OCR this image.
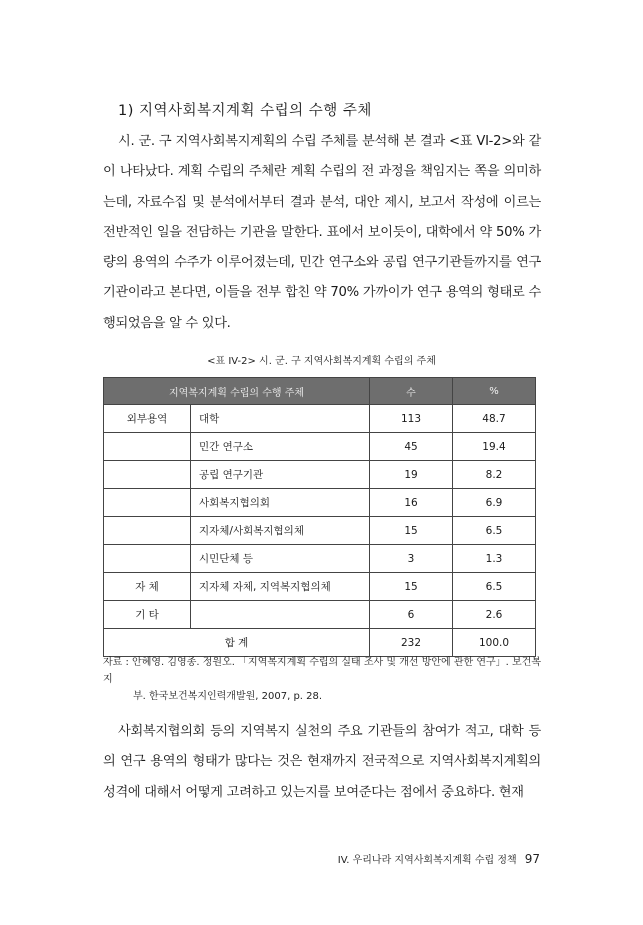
1) 지역사회복지계획 수립의 수행 주체
시. 군. 구 지역사회복지계획의 수립 주체를 분석해 본 결과 <표 VI-2>와 같이 나타났다. 계획 수립의 주체란 계획 수립의 전 과정을 책임지는 쪽을 의미하는데, 자료수집 및 분석에서부터 결과 분석, 대안 제시, 보고서 작성에 이르는 전반적인 일을 전담하는 기관을 말한다. 표에서 보이듯이, 대학에서 약 50% 가량의 용역의 수주가 이루어졌는데, 민간 연구소와 공립 연구기관들까지를 연구 기관이라고 본다면, 이들을 전부 합친 약 70% 가까이가 연구 용역의 형태로 수행되었음을 알 수 있다.
<표 IV-2> 시. 군. 구 지역사회복지계획 수립의 주체
지역복지계획 수립의 수행 주체		수	%
외부용역	대학	113	48.7
	민간 연구소	45	19.4
	공립 연구기관	19	8.2
	사회복지협의회	16	6.9
	지자체/사회복지협의체	15	6.5
	시민단체 등	3	1.3
자 체	지자체 자체, 지역복지협의체	15	6.5
기 타		6	2.6
합 계		232	100.0
자료 : 안혜영. 김영종. 정원오. 「지역복지계획 수립의 실태 조사 및 개선 방안에 관한 연구」. 보건복지
부. 한국보건복지인력개발원, 2007, p. 28.
사회복지협의회 등의 지역복지 실천의 주요 기관들의 참여가 적고, 대학 등의 연구 용역의 형태가 많다는 것은 현재까지 전국적으로 지역사회복지계획의 성격에 대해서 어떻게 고려하고 있는지를 보여준다는 점에서 중요하다. 현재
IV. 우리나라 지역사회복지계획 수립 정책 97
